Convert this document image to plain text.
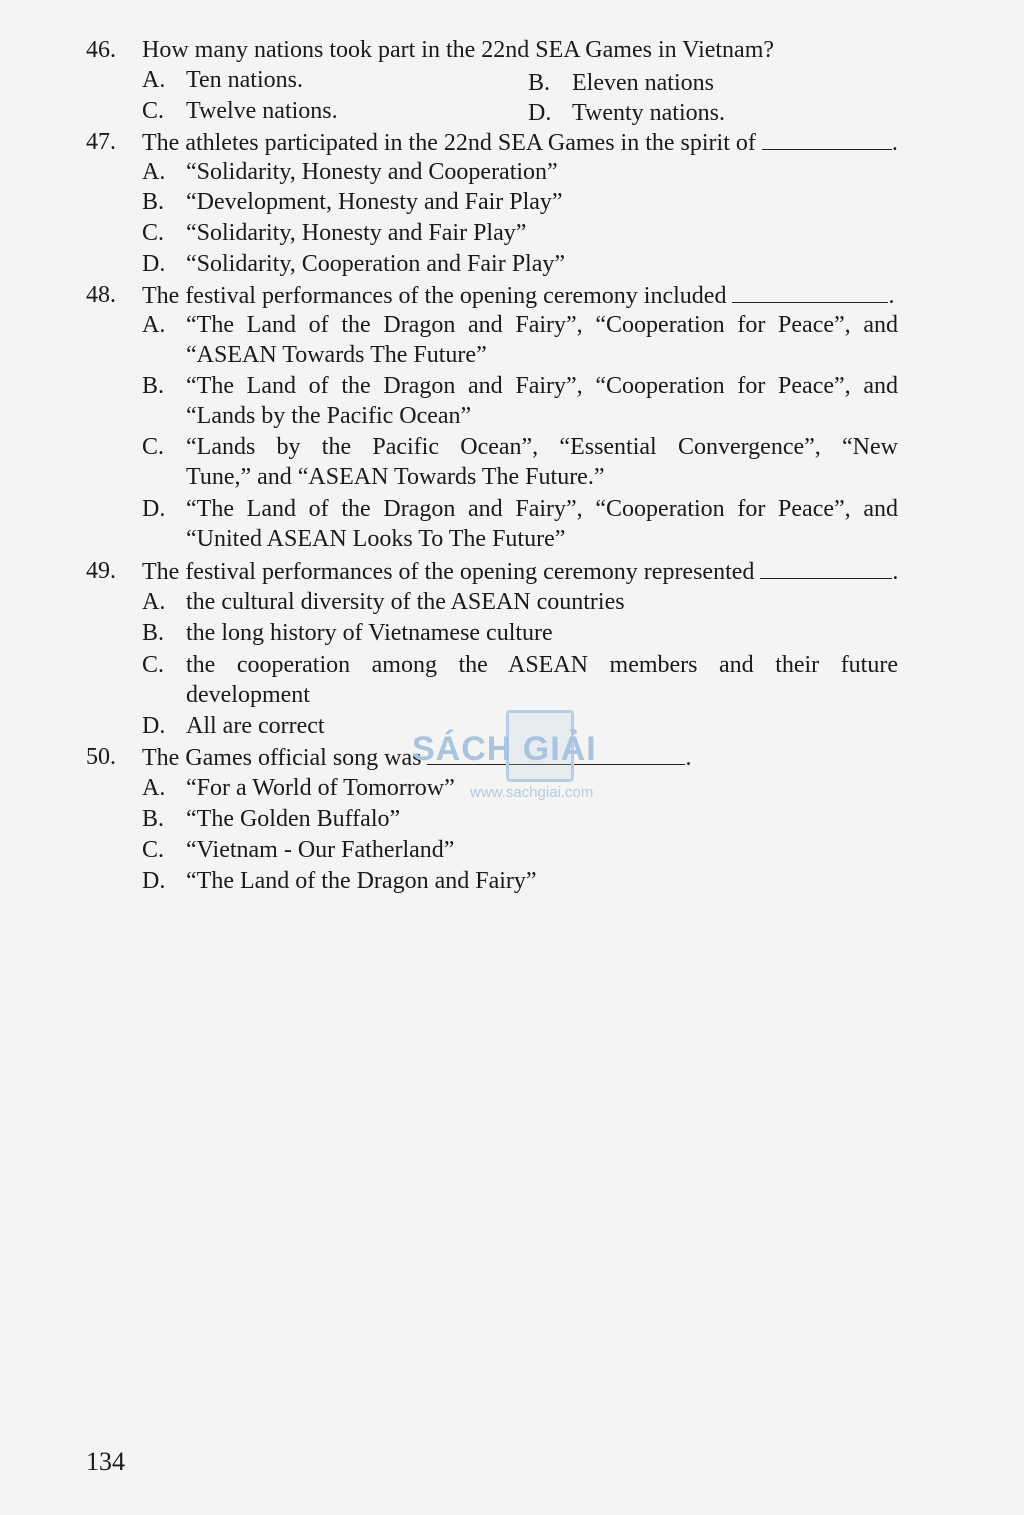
46. How many nations took part in the 22nd SEA Games in Vietnam?
A. Ten nations.	B. Eleven nations
C. Twelve nations.	D. Twenty nations.
47. The athletes participated in the 22nd SEA Games in the spirit of	.
A. “Solidarity, Honesty and Cooperation”
B. “Development, Honesty and Fair Play”
C. “Solidarity, Honesty and Fair Play”
D. “Solidarity, Cooperation and Fair Play”
48. The festival performances of the opening ceremony included	.
A. “The Land of the Dragon and Fairy”, “Cooperation for Peace”, and
“ASEAN Towards The Future”
B. “The Land of the Dragon and Fairy”, “Cooperation for Peace”, and
“Lands by the Pacific Ocean”
C. “Lands by the Pacific Ocean”, “Essential Convergence”, “New
Tune,” and “ASEAN Towards The Future.”
D. “The Land of the Dragon and Fairy”, “Cooperation for Peace”, and
“United ASEAN Looks To The Future”
49. The festival performances of the opening ceremony represented	.
A. the cultural diversity of the ASEAN countries
B. the long history of Vietnamese culture
C. the cooperation among the ASEAN members and their future
development
D. All are correct
50. The Games official song was	.
A. “For a World of Tomorrow”
B. “The Golden Buffalo”
C. “Vietnam - Our Fatherland”
D. “The Land of the Dragon and Fairy”
SÁCH GIẢI
www.sachgiai.com
134
